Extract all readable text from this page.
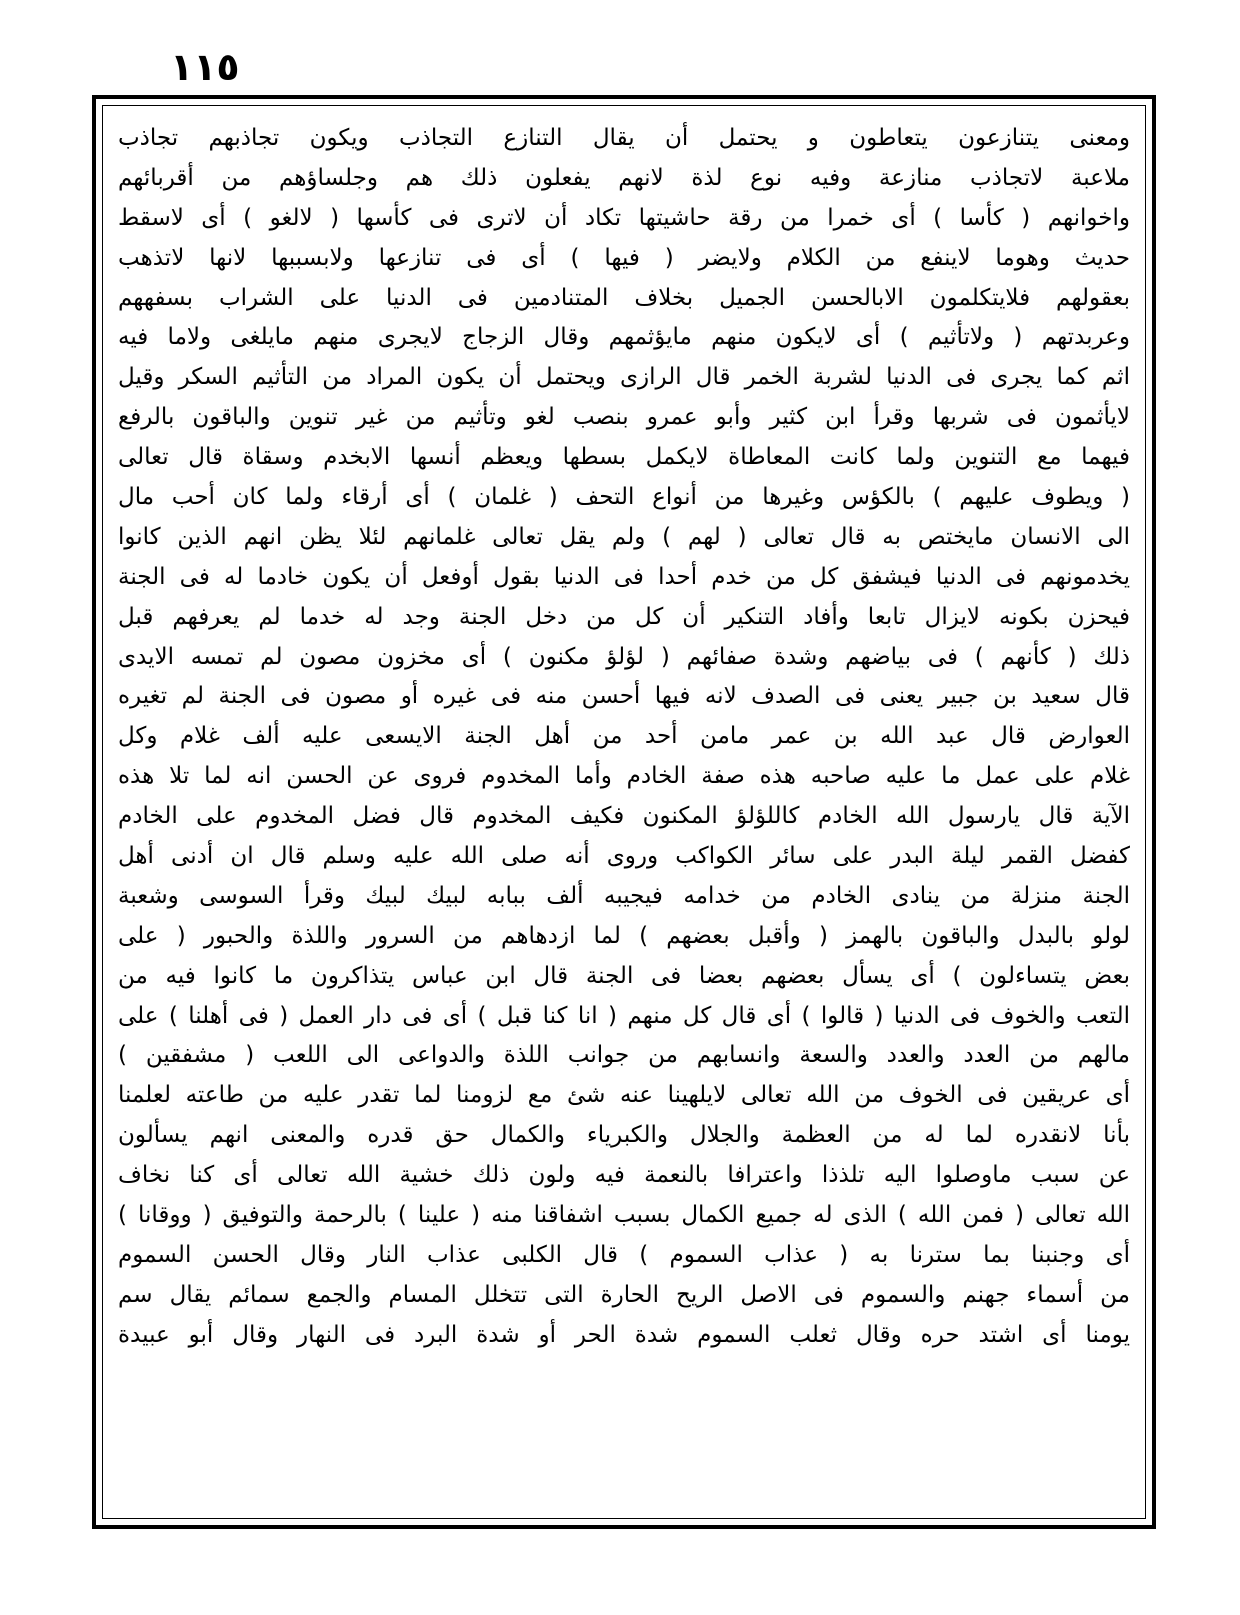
١١٥
ومعنى يتنازعون يتعاطون و يحتمل أن يقال التنازع التجاذب ويكون تجاذبهم تجاذب
ملاعبة لاتجاذب منازعة وفيه نوع لذة لانهم يفعلون ذلك هم وجلساؤهم من أقربائهم
واخوانهم ( كأسا ) أى خمرا من رقة حاشيتها تكاد أن لاترى فى كأسها ( لالغو ) أى لاسقط
حديث وهوما لاينفع من الكلام ولايضر ( فيها ) أى فى تنازعها ولابسببها لانها لاتذهب
بعقولهم فلايتكلمون الابالحسن الجميل بخلاف المتنادمين فى الدنيا على الشراب بسفههم
وعربدتهم ( ولاتأثيم ) أى لايكون منهم مايؤثمهم وقال الزجاج لايجرى منهم مايلغى ولاما فيه
اثم كما يجرى فى الدنيا لشربة الخمر قال الرازى ويحتمل أن يكون المراد من التأثيم السكر وقيل
لايأثمون فى شربها وقرأ ابن كثير وأبو عمرو بنصب لغو وتأثيم من غير تنوين والباقون بالرفع
فيهما مع التنوين ولما كانت المعاطاة لايكمل بسطها ويعظم أنسها الابخدم وسقاة قال تعالى
( ويطوف عليهم ) بالكؤس وغيرها من أنواع التحف ( غلمان ) أى أرقاء ولما كان أحب مال
الى الانسان مايختص به قال تعالى ( لهم ) ولم يقل تعالى غلمانهم لئلا يظن انهم الذين كانوا
يخدمونهم فى الدنيا فيشفق كل من خدم أحدا فى الدنيا بقول أوفعل أن يكون خادما له فى الجنة
فيحزن بكونه لايزال تابعا وأفاد التنكير أن كل من دخل الجنة وجد له خدما لم يعرفهم قبل
ذلك ( كأنهم ) فى بياضهم وشدة صفائهم ( لؤلؤ مكنون ) أى مخزون مصون لم تمسه الايدى
قال سعيد بن جبير يعنى فى الصدف لانه فيها أحسن منه فى غيره أو مصون فى الجنة لم تغيره
العوارض قال عبد الله بن عمر مامن أحد من أهل الجنة الايسعى عليه ألف غلام وكل
غلام على عمل ما عليه صاحبه هذه صفة الخادم وأما المخدوم فروى عن الحسن انه لما تلا هذه
الآية قال يارسول الله الخادم كاللؤلؤ المكنون فكيف المخدوم قال فضل المخدوم على الخادم
كفضل القمر ليلة البدر على سائر الكواكب وروى أنه صلى الله عليه وسلم قال ان أدنى أهل
الجنة منزلة من ينادى الخادم من خدامه فيجيبه ألف ببابه لبيك لبيك وقرأ السوسى وشعبة
لولو بالبدل والباقون بالهمز ( وأقبل بعضهم ) لما ازدهاهم من السرور واللذة والحبور ( على
بعض يتساءلون ) أى يسأل بعضهم بعضا فى الجنة قال ابن عباس يتذاكرون ما كانوا فيه من
التعب والخوف فى الدنيا ( قالوا ) أى قال كل منهم ( انا كنا قبل ) أى فى دار العمل ( فى أهلنا ) على
مالهم من العدد والعدد والسعة وانسابهم من جوانب اللذة والدواعى الى اللعب ( مشفقين )
أى عريقين فى الخوف من الله تعالى لايلهينا عنه شئ مع لزومنا لما تقدر عليه من طاعته لعلمنا
بأنا لانقدره لما له من العظمة والجلال والكبرياء والكمال حق قدره والمعنى انهم يسألون
عن سبب ماوصلوا اليه تلذذا واعترافا بالنعمة فيه ولون ذلك خشية الله تعالى أى كنا نخاف
الله تعالى ( فمن الله ) الذى له جميع الكمال بسبب اشفاقنا منه ( علينا ) بالرحمة والتوفيق ( ووقانا )
أى وجنبنا بما سترنا به ( عذاب السموم ) قال الكلبى عذاب النار وقال الحسن السموم
من أسماء جهنم والسموم فى الاصل الريح الحارة التى تتخلل المسام والجمع سمائم يقال سم
يومنا أى اشتد حره وقال ثعلب السموم شدة الحر أو شدة البرد فى النهار وقال أبو عبيدة
